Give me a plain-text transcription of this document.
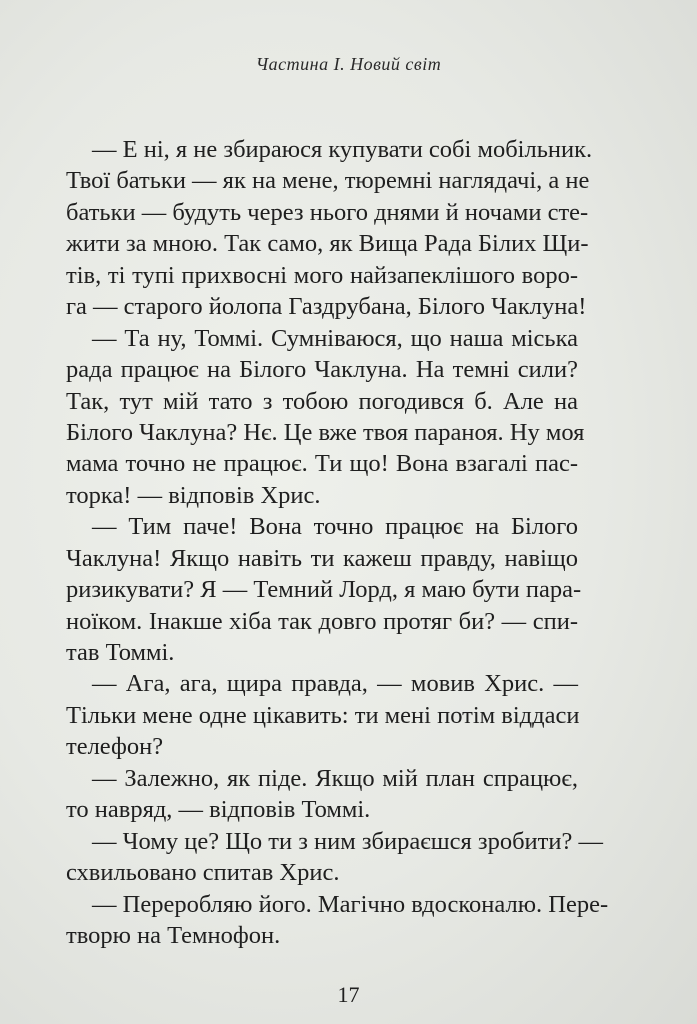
Частина І. Новий світ
— Е ні, я не збираюся купувати собі мобільник.
Твої батьки — як на мене, тюремні наглядачі, а не
батьки — будуть через нього днями й ночами сте-
жити за мною. Так само, як Вища Рада Білих Щи-
тів, ті тупі прихвосні мого найзапеклішого воро-
га — старого йолопа Газдрубана, Білого Чаклуна!
— Та ну, Томмі. Сумніваюся, що наша міська
рада працює на Білого Чаклуна. На темні сили?
Так, тут мій тато з тобою погодився б. Але на
Білого Чаклуна? Нє. Це вже твоя параноя. Ну моя
мама точно не працює. Ти що! Вона взагалі пас-
торка! — відповів Хрис.
— Тим паче! Вона точно працює на Білого
Чаклуна! Якщо навіть ти кажеш правду, навіщо
ризикувати? Я — Темний Лорд, я маю бути пара-
ноїком. Інакше хіба так довго протяг би? — спи-
тав Томмі.
— Ага, ага, щира правда, — мовив Хрис. —
Тільки мене одне цікавить: ти мені потім віддаси
телефон?
— Залежно, як піде. Якщо мій план спрацює,
то навряд, — відповів Томмі.
— Чому це? Що ти з ним збираєшся зробити? —
схвильовано спитав Хрис.
— Переробляю його. Магічно вдосконалю. Пере-
творю на Темнофон.
17
